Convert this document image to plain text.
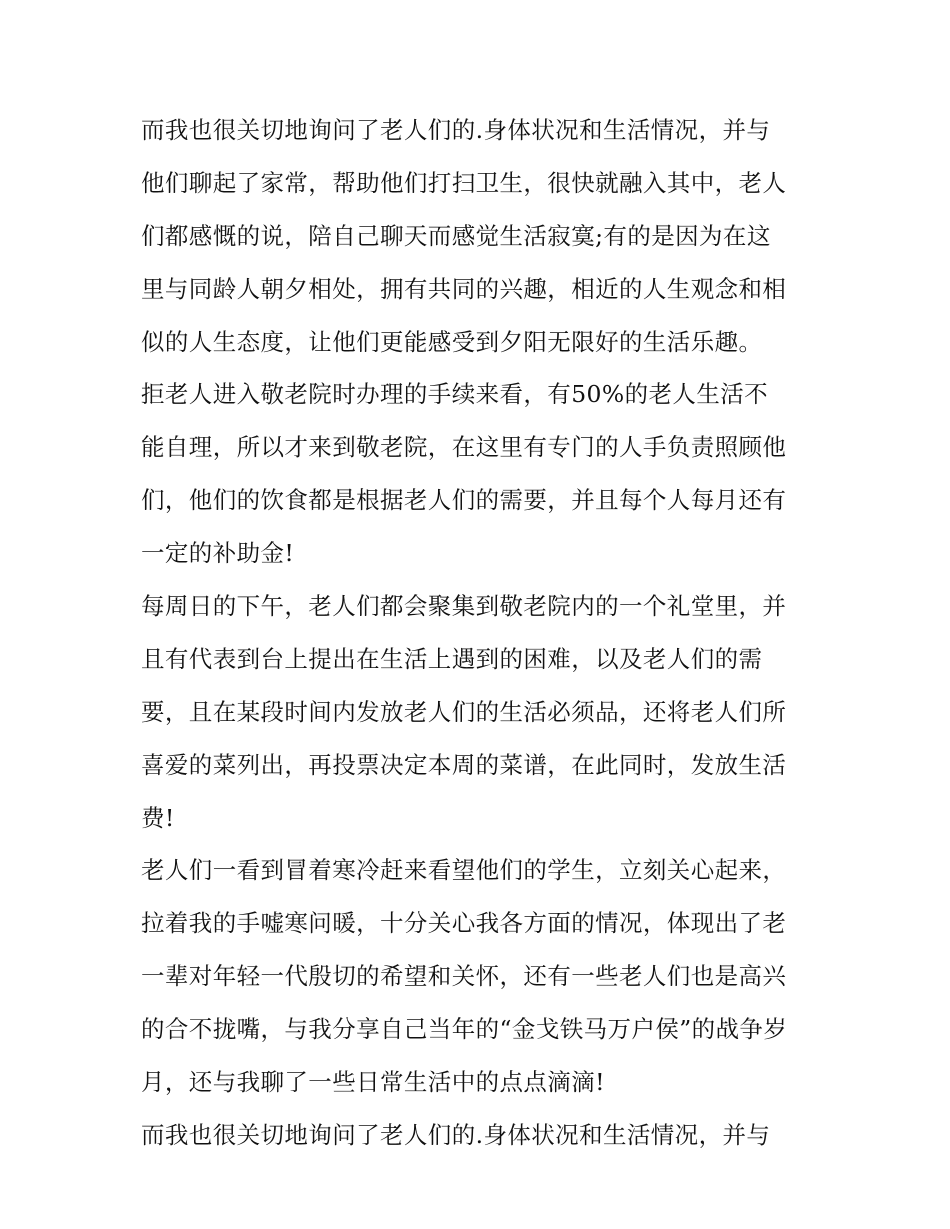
而我也很关切地询问了老人们的.身体状况和生活情况，并与
他们聊起了家常，帮助他们打扫卫生，很快就融入其中，老人
们都感慨的说，陪自己聊天而感觉生活寂寞;有的是因为在这
里与同龄人朝夕相处，拥有共同的兴趣，相近的人生观念和相
似的人生态度，让他们更能感受到夕阳无限好的生活乐趣。
拒老人进入敬老院时办理的手续来看，有50%的老人生活不
能自理，所以才来到敬老院，在这里有专门的人手负责照顾他
们，他们的饮食都是根据老人们的需要，并且每个人每月还有
一定的补助金!
每周日的下午，老人们都会聚集到敬老院内的一个礼堂里，并
且有代表到台上提出在生活上遇到的困难，以及老人们的需
要，且在某段时间内发放老人们的生活必须品，还将老人们所
喜爱的菜列出，再投票决定本周的菜谱，在此同时，发放生活
费!
老人们一看到冒着寒冷赶来看望他们的学生，立刻关心起来，
拉着我的手嘘寒问暖，十分关心我各方面的情况，体现出了老
一辈对年轻一代殷切的希望和关怀，还有一些老人们也是高兴
的合不拢嘴，与我分享自己当年的“金戈铁马万户侯”的战争岁
月，还与我聊了一些日常生活中的点点滴滴!
而我也很关切地询问了老人们的.身体状况和生活情况，并与
